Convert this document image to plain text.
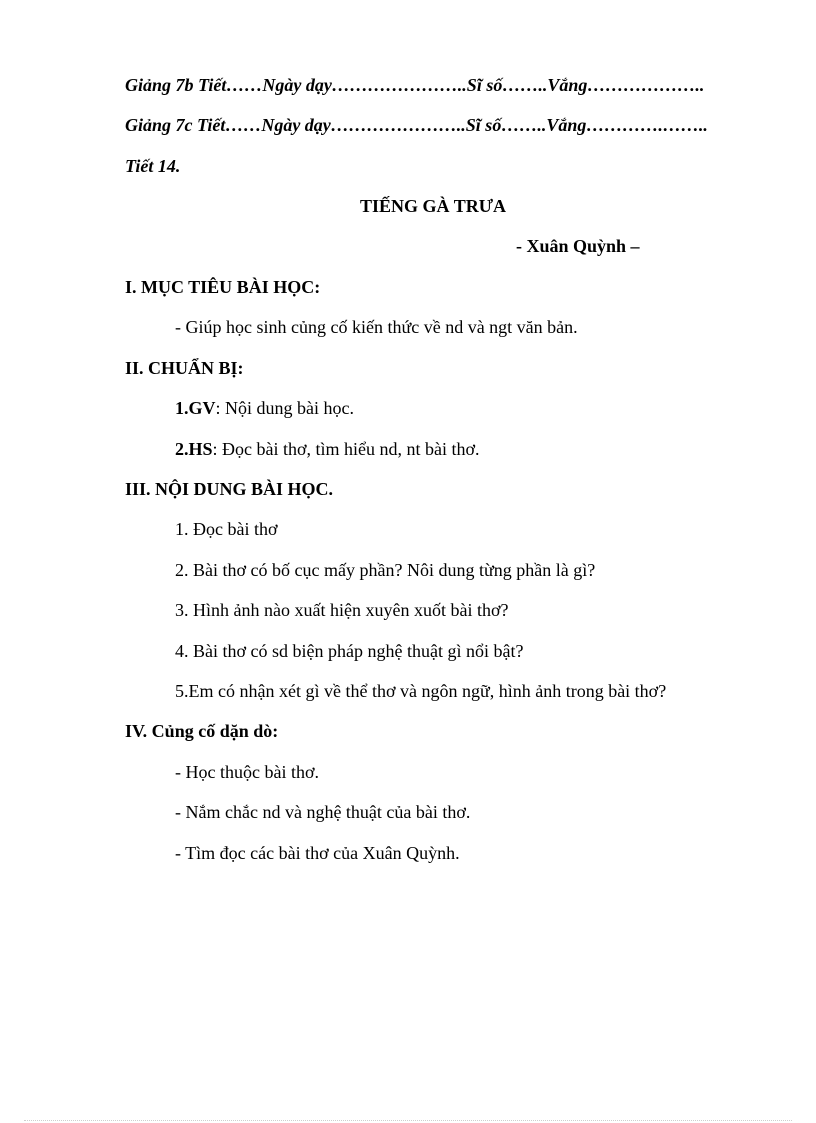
Giảng 7b Tiết……Ngày dạy…………………..Sĩ số……..Vắng………………..
Giảng 7c Tiết……Ngày dạy…………………..Sĩ số……..Vắng………….……..
Tiết 14.
TIẾNG GÀ TRƯA
- Xuân Quỳnh –
I. MỤC TIÊU BÀI HỌC:
- Giúp học sinh củng cố kiến thức về nd và ngt văn bản.
II. CHUẨN BỊ:
1.GV: Nội dung bài học.
2.HS: Đọc bài thơ, tìm hiểu nd, nt bài thơ.
III. NỘI DUNG BÀI HỌC.
1. Đọc bài thơ
2. Bài thơ có bố cục mấy phần? Nôi dung từng phần là gì?
3. Hình ảnh nào xuất hiện xuyên xuốt bài thơ?
4. Bài thơ có sd biện pháp nghệ thuật gì nổi bật?
5.Em có nhận xét gì về thể thơ và ngôn ngữ, hình ảnh trong bài thơ?
IV. Củng cố dặn dò:
- Học thuộc bài thơ.
- Nắm chắc nd và nghệ thuật của bài thơ.
- Tìm đọc các bài thơ của Xuân Quỳnh.
